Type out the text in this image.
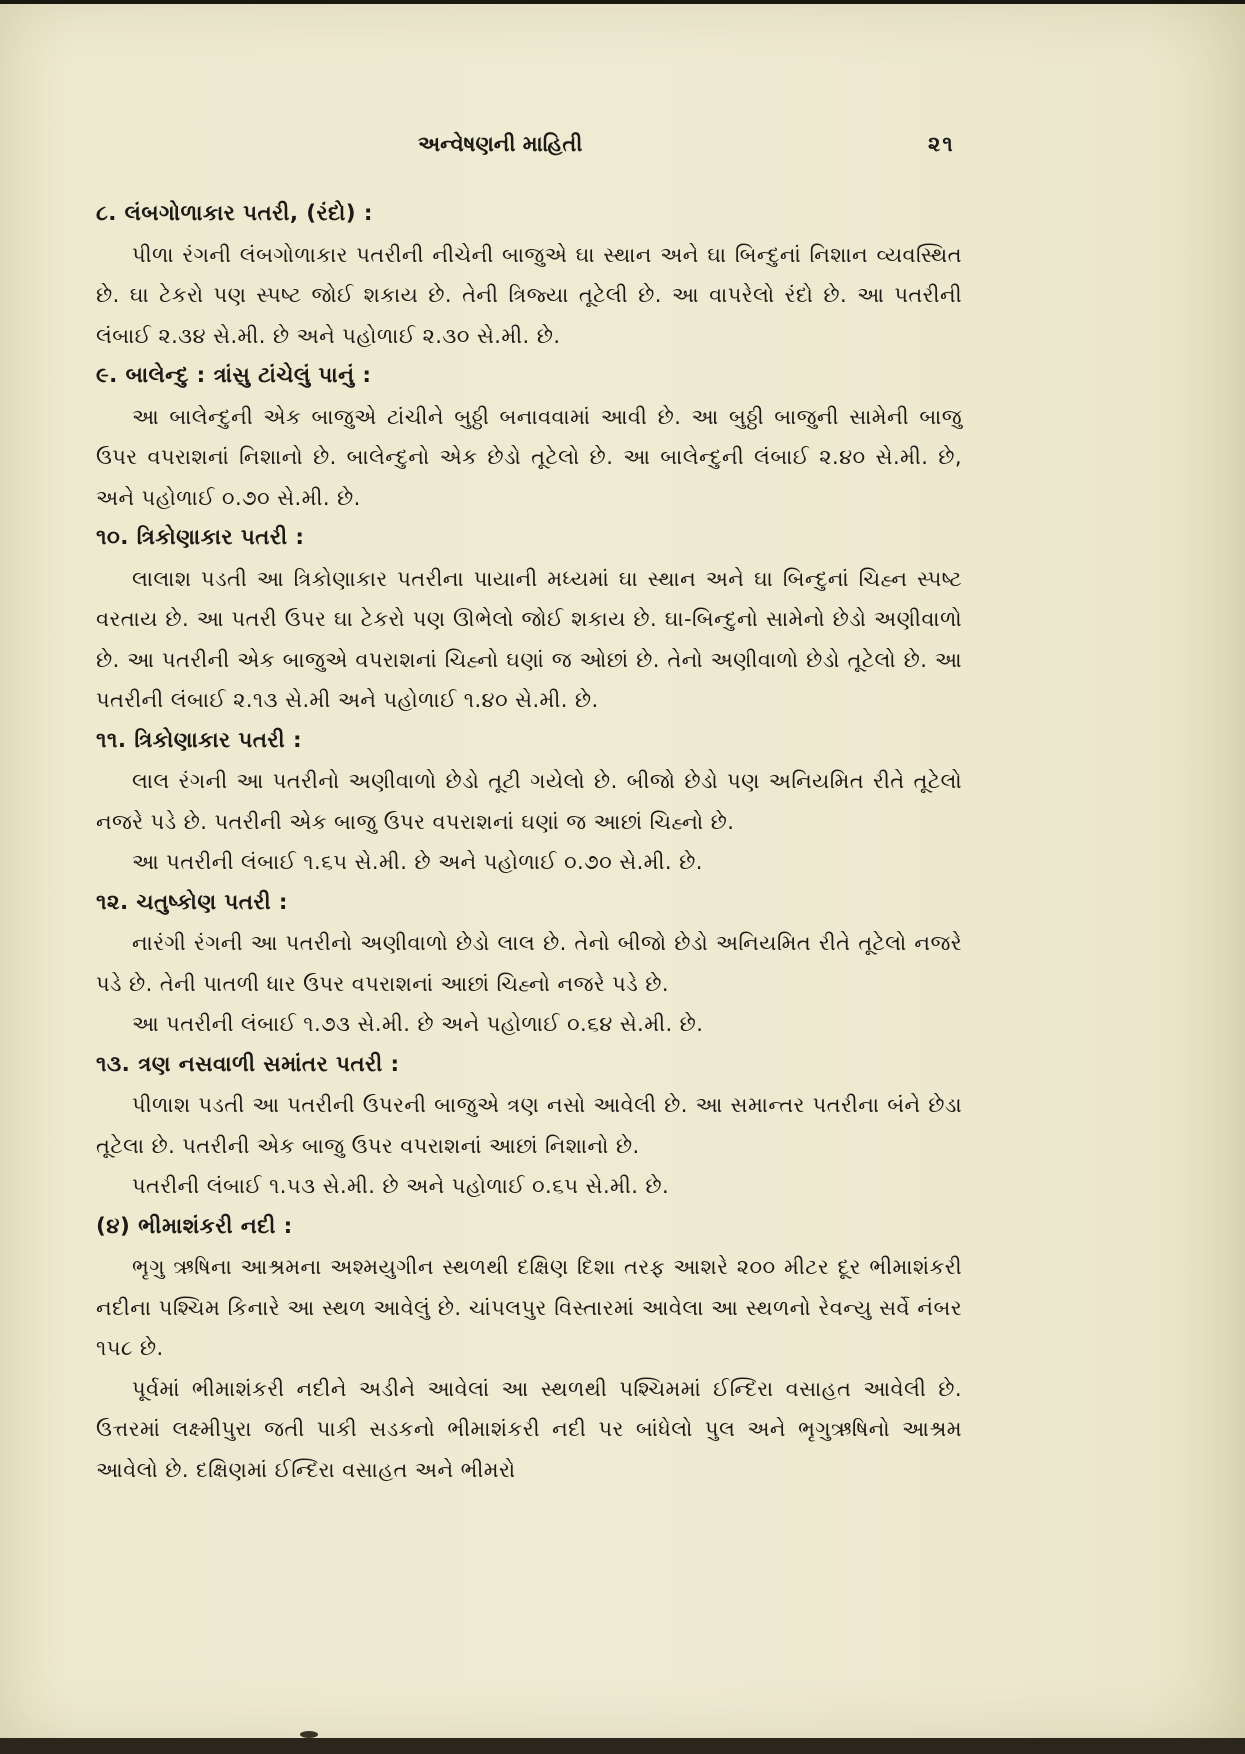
અન્વેષણની માહિતી	૨૧

૮. લંબગોળાકાર પતરી, (રંદો) :

પીળા રંગની લંબગોળાકાર પતરીની નીચેની બાજુએ ઘા સ્થાન અને ઘા બિન્દુનાં નિશાન વ્યવસ્થિત છે. ઘા ટેકરો પણ સ્પષ્ટ જોઈ શકાય છે. તેની ત્રિજ્યા તૂટેલી છે. આ વાપરેલો રંદો છે. આ પતરીની લંબાઈ ૨.૩૪ સે.મી. છે અને પહોળાઈ ૨.૩૦ સે.મી. છે.

૯. બાલેન્દુ : ત્રાંસુ ટાંચેલું પાનું :

આ બાલેન્દુની એક બાજુએ ટાંચીને બુઠ્ઠી બનાવવામાં આવી છે. આ બુઠ્ઠી બાજુની સામેની બાજુ ઉપર વપરાશનાં નિશાનો છે. બાલેન્દુનો એક છેડો તૂટેલો છે. આ બાલેન્દુની લંબાઈ ૨.૪૦ સે.મી. છે, અને પહોળાઈ ૦.૭૦ સે.મી. છે.

૧૦. ત્રિકોણાકાર પતરી :

લાલાશ પડતી આ ત્રિકોણાકાર પતરીના પાયાની મધ્યમાં ઘા સ્થાન અને ઘા બિન્દુનાં ચિહ્ન સ્પષ્ટ વરતાય છે. આ પતરી ઉપર ઘા ટેકરો પણ ઊભેલો જોઈ શકાય છે. ઘા-બિન્દુનો સામેનો છેડો અણીવાળો છે. આ પતરીની એક બાજુએ વપરાશનાં ચિહ્નો ઘણાં જ ઓછાં છે. તેનો અણીવાળો છેડો તૂટેલો છે. આ પતરીની લંબાઈ ૨.૧૩ સે.મી અને પહોળાઈ ૧.૪૦ સે.મી. છે.

૧૧. ત્રિકોણાકાર પતરી :

લાલ રંગની આ પતરીનો અણીવાળો છેડો તૂટી ગયેલો છે. બીજો છેડો પણ અનિયમિત રીતે તૂટેલો નજરે પડે છે. પતરીની એક બાજુ ઉપર વપરાશનાં ઘણાં જ આછાં ચિહ્નો છે.

આ પતરીની લંબાઈ ૧.૬૫ સે.મી. છે અને પહોળાઈ ૦.૭૦ સે.મી. છે.

૧૨. ચતુષ્કોણ પતરી :

નારંગી રંગની આ પતરીનો અણીવાળો છેડો લાલ છે. તેનો બીજો છેડો અનિયમિત રીતે તૂટેલો નજરે પડે છે. તેની પાતળી ધાર ઉપર વપરાશનાં આછાં ચિહ્નો નજરે પડે છે.

આ પતરીની લંબાઈ ૧.૭૩ સે.મી. છે અને પહોળાઈ ૦.૬૪ સે.મી. છે.

૧૩. ત્રણ નસવાળી સમાંતર પતરી :

પીળાશ પડતી આ પતરીની ઉપરની બાજુએ ત્રણ નસો આવેલી છે. આ સમાન્તર પતરીના બંને છેડા તૂટેલા છે. પતરીની એક બાજુ ઉપર વપરાશનાં આછાં નિશાનો છે.

પતરીની લંબાઈ ૧.૫૩ સે.મી. છે અને પહોળાઈ ૦.૬૫ સે.મી. છે.

(૪) ભીમાશંકરી નદી :

ભૃગુ ઋષિના આશ્રમના અશ્મયુગીન સ્થળથી દક્ષિણ દિશા તરફ આશરે ૨૦૦ મીટર દૂર ભીમાશંકરી નદીના પશ્ચિમ કિનારે આ સ્થળ આવેલું છે. ચાંપલપુર વિસ્તારમાં આવેલા આ સ્થળનો રેવન્યુ સર્વે નંબર ૧૫૮ છે.

પૂર્વમાં ભીમાશંકરી નદીને અડીને આવેલાં આ સ્થળથી પશ્ચિમમાં ઈન્દિરા વસાહત આવેલી છે. ઉત્તરમાં લક્ષ્મીપુરા જતી પાકી સડકનો ભીમાશંકરી નદી પર બાંધેલો પુલ અને ભૃગુઋષિનો આશ્રમ આવેલો છે. દક્ષિણમાં ઈન્દિરા વસાહત અને ભીમરો
